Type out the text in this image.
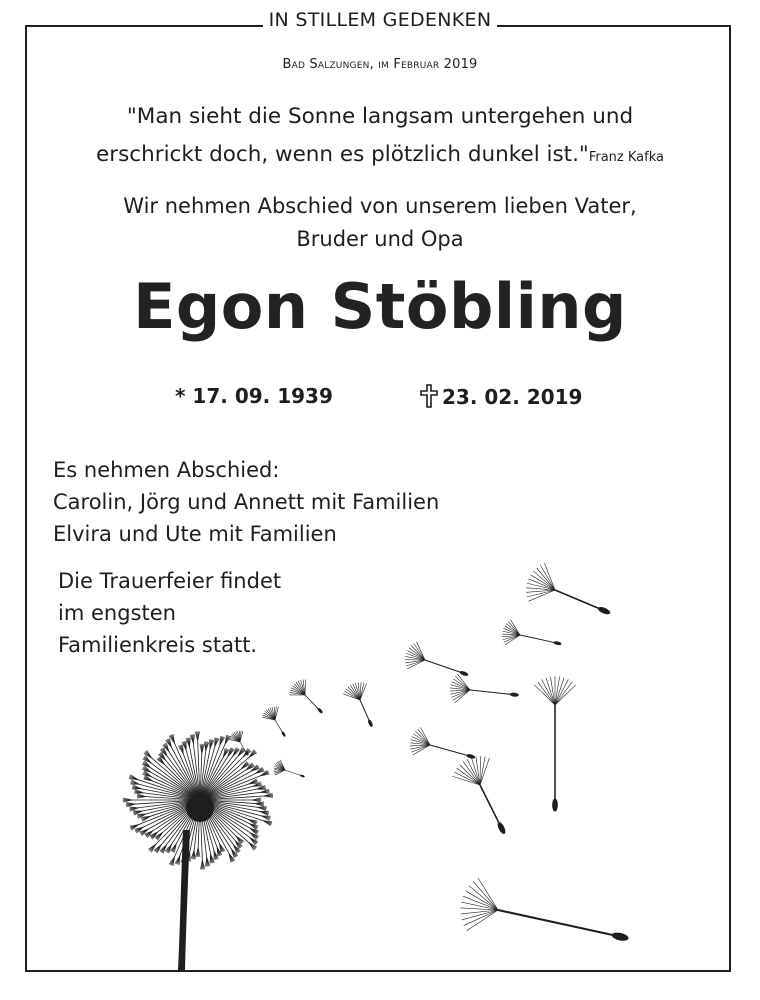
IN STILLEM GEDENKEN
Bad Salzungen, im Februar 2019
"Man sieht die Sonne langsam untergehen und
erschrickt doch, wenn es plötzlich dunkel ist."Franz Kafka
Wir nehmen Abschied von unserem lieben Vater,
Bruder und Opa
Egon Stöbling
* 17. 09. 1939	23. 02. 2019
Es nehmen Abschied:
Carolin, Jörg und Annett mit Familien
Elvira und Ute mit Familien
Die Trauerfeier findet
im engsten
Familienkreis statt.
